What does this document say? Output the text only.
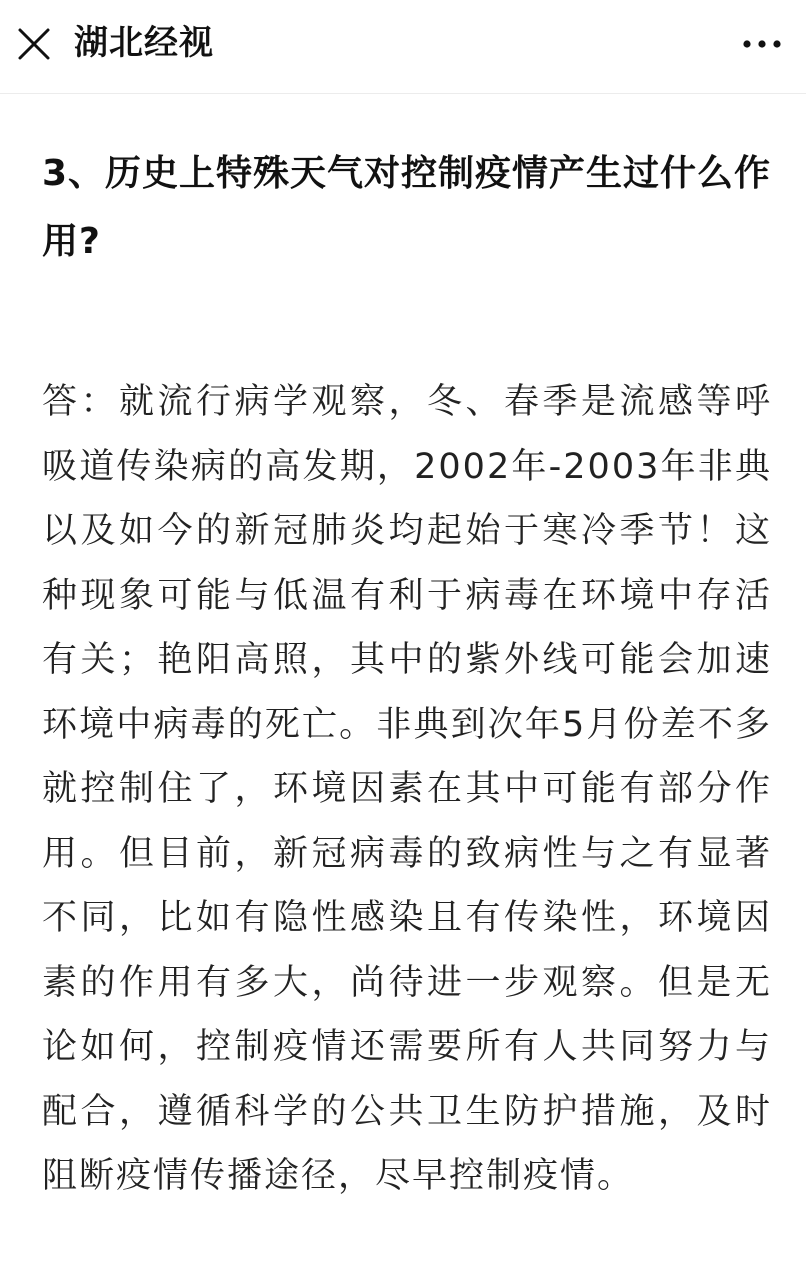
湖北经视

3、历史上特殊天气对控制疫情产生过什么作用?

答：就流行病学观察，冬、春季是流感等呼吸道传染病的高发期，2002年-2003年非典以及如今的新冠肺炎均起始于寒冷季节！这种现象可能与低温有利于病毒在环境中存活有关；艳阳高照，其中的紫外线可能会加速环境中病毒的死亡。非典到次年5月份差不多就控制住了，环境因素在其中可能有部分作用。但目前，新冠病毒的致病性与之有显著不同，比如有隐性感染且有传染性，环境因素的作用有多大，尚待进一步观察。但是无论如何，控制疫情还需要所有人共同努力与配合，遵循科学的公共卫生防护措施，及时阻断疫情传播途径，尽早控制疫情。
